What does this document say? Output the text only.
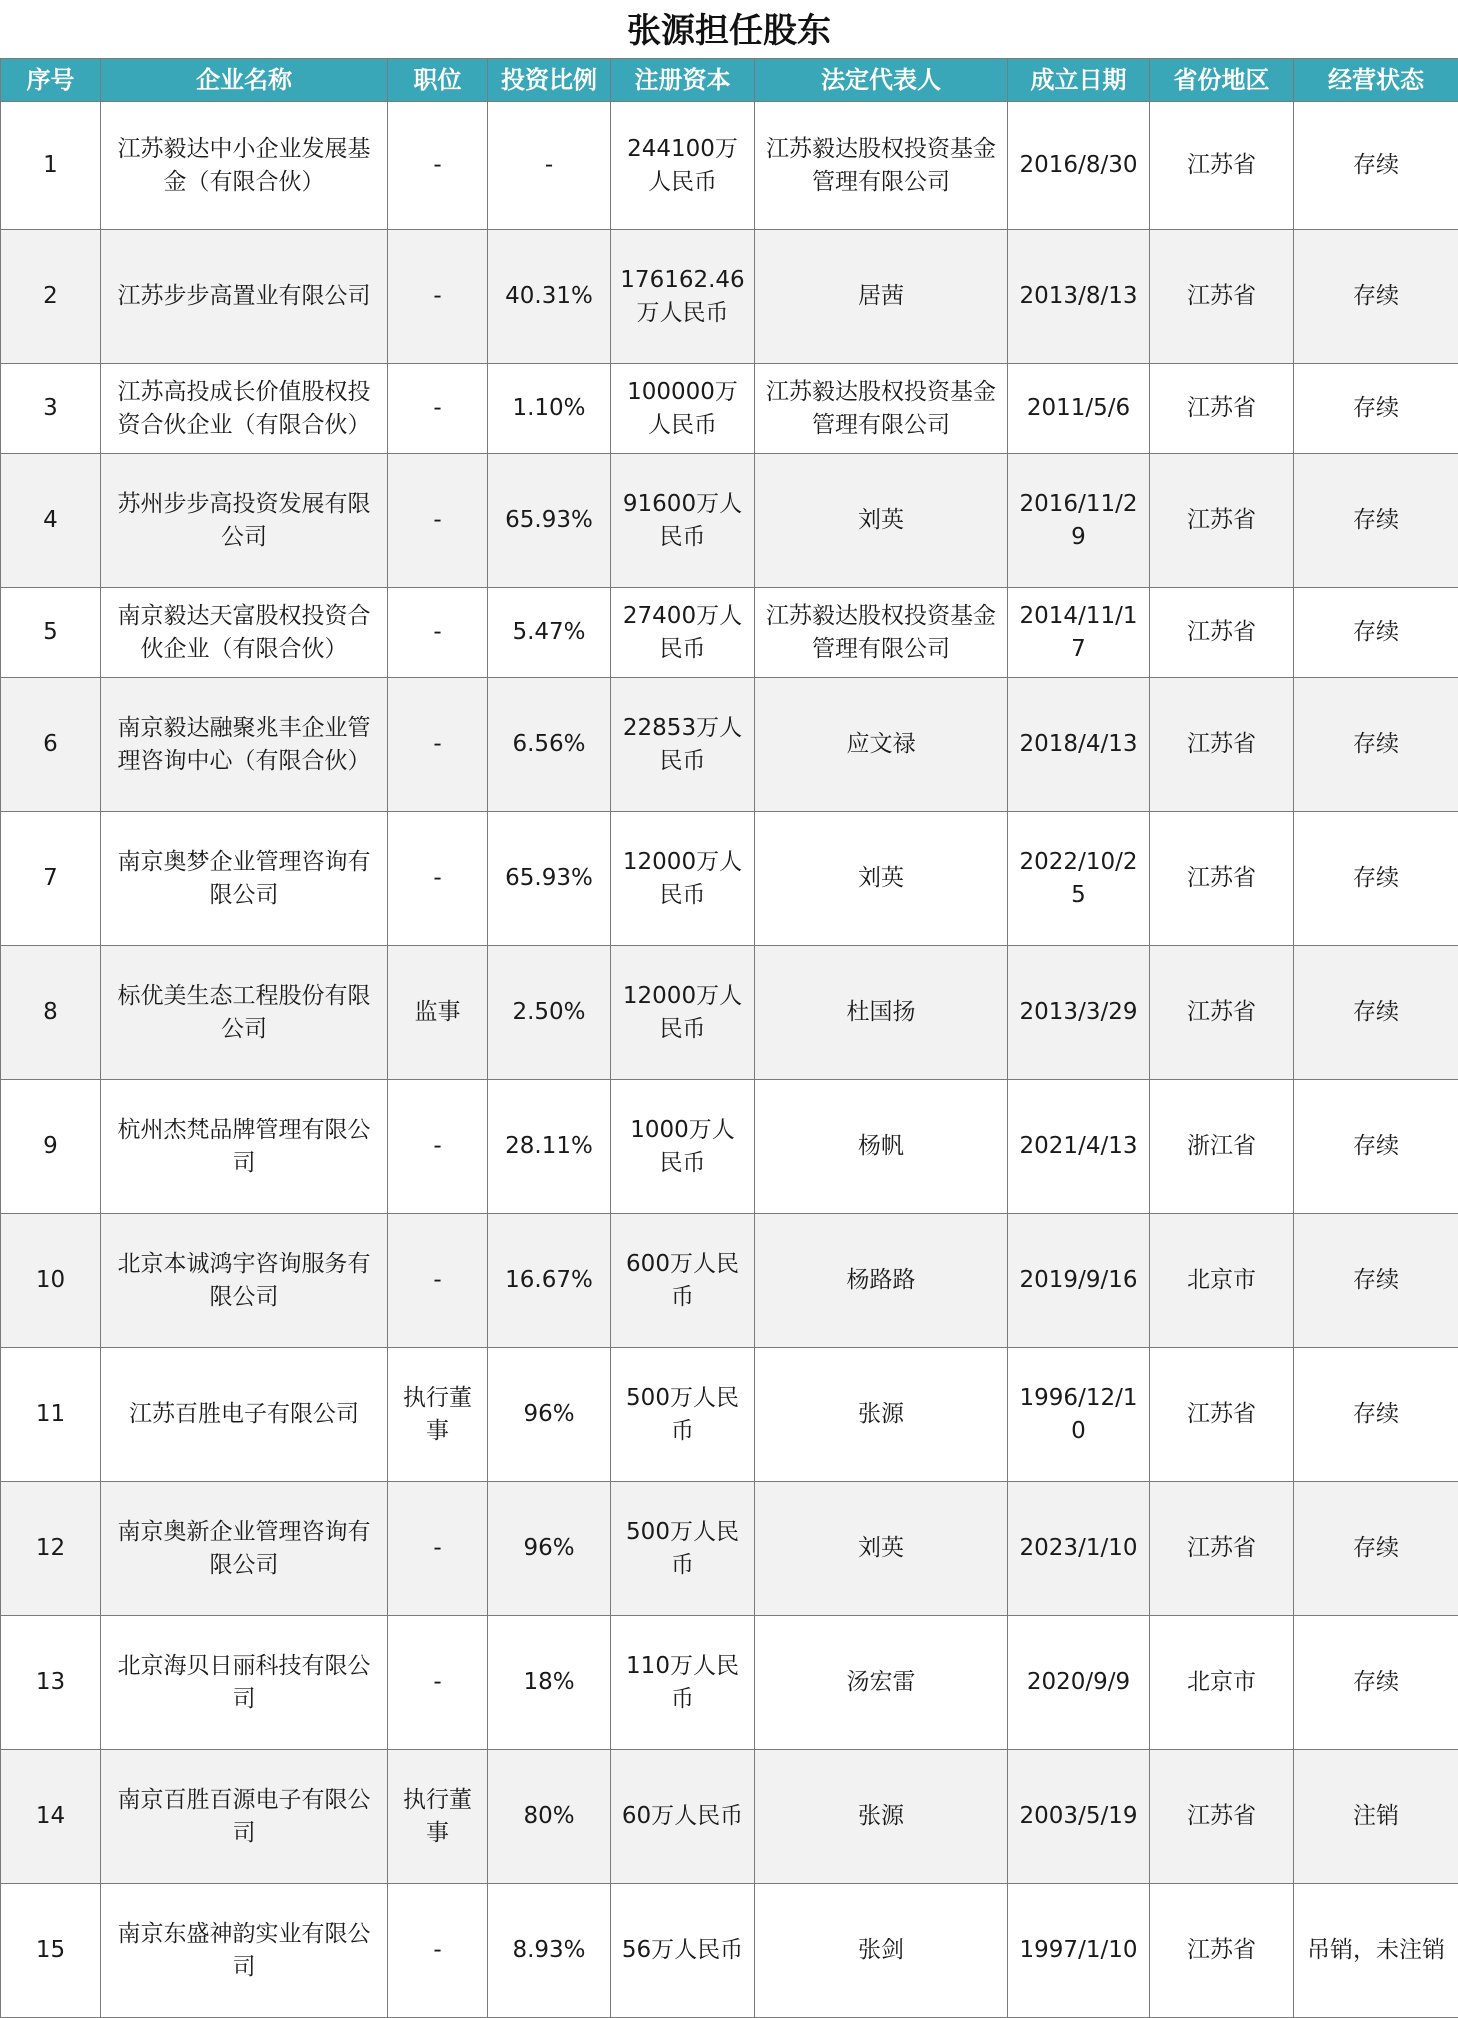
张源担任股东
序号	企业名称	职位	投资比例	注册资本	法定代表人	成立日期	省份地区	经营状态
1	江苏毅达中小企业发展基金（有限合伙）	-	-	244100万人民币	江苏毅达股权投资基金管理有限公司	2016/8/30	江苏省	存续
2	江苏步步高置业有限公司	-	40.31%	176162.46万人民币	居茜	2013/8/13	江苏省	存续
3	江苏高投成长价值股权投资合伙企业（有限合伙）	-	1.10%	100000万人民币	江苏毅达股权投资基金管理有限公司	2011/5/6	江苏省	存续
4	苏州步步高投资发展有限公司	-	65.93%	91600万人民币	刘英	2016/11/29	江苏省	存续
5	南京毅达天富股权投资合伙企业（有限合伙）	-	5.47%	27400万人民币	江苏毅达股权投资基金管理有限公司	2014/11/17	江苏省	存续
6	南京毅达融聚兆丰企业管理咨询中心（有限合伙）	-	6.56%	22853万人民币	应文禄	2018/4/13	江苏省	存续
7	南京奥梦企业管理咨询有限公司	-	65.93%	12000万人民币	刘英	2022/10/25	江苏省	存续
8	标优美生态工程股份有限公司	监事	2.50%	12000万人民币	杜国扬	2013/3/29	江苏省	存续
9	杭州杰梵品牌管理有限公司	-	28.11%	1000万人民币	杨帆	2021/4/13	浙江省	存续
10	北京本诚鸿宇咨询服务有限公司	-	16.67%	600万人民币	杨路路	2019/9/16	北京市	存续
11	江苏百胜电子有限公司	执行董事	96%	500万人民币	张源	1996/12/10	江苏省	存续
12	南京奥新企业管理咨询有限公司	-	96%	500万人民币	刘英	2023/1/10	江苏省	存续
13	北京海贝日丽科技有限公司	-	18%	110万人民币	汤宏雷	2020/9/9	北京市	存续
14	南京百胜百源电子有限公司	执行董事	80%	60万人民币	张源	2003/5/19	江苏省	注销
15	南京东盛神韵实业有限公司	-	8.93%	56万人民币	张剑	1997/1/10	江苏省	吊销，未注销
